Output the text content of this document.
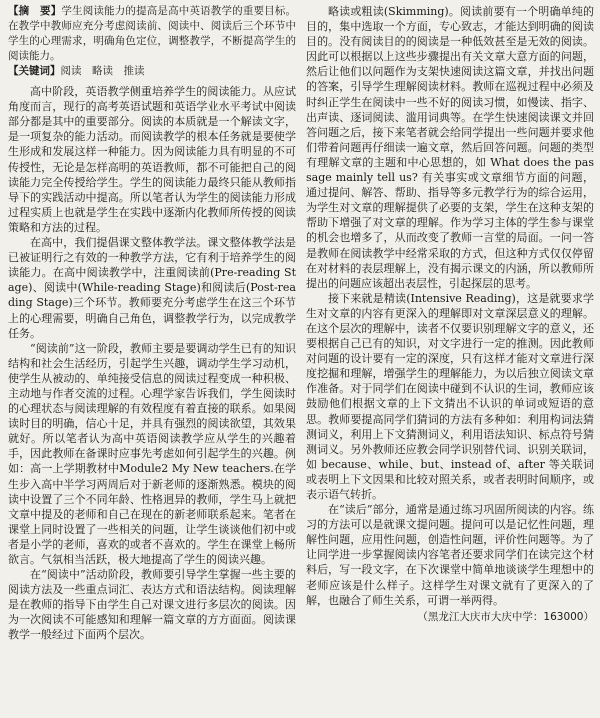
【摘　要】学生阅读能力的提高是高中英语教学的重要目标。在教学中教师应充分考虑阅读前、阅读中、阅读后三个环节中学生的心理需求，明确角色定位，调整教学，不断提高学生的阅读能力。

【关键词】阅读　略读　推读

高中阶段，英语教学侧重培养学生的阅读能力。从应试角度而言，现行的高考英语试题和英语学业水平考试中阅读部分都是其中的重要部分。阅读的本质就是一个解读文字，是一项复杂的能力活动。而阅读教学的根本任务就是要使学生形成和发展这样一种能力。因为阅读能力具有明显的不可传授性，无论是怎样高明的英语教师，都不可能把自己的阅读能力完全传授给学生。学生的阅读能力最终只能从教师指导下的实践活动中提高。所以笔者认为学生的阅读能力形成过程实质上也就是学生在实践中逐渐内化教师所传授的阅读策略和方法的过程。

在高中，我们提倡课文整体教学法。课文整体教学法是已被证明行之有效的一种教学方法，它有利于培养学生的阅读能力。在高中阅读教学中，注重阅读前(Pre-reading Stage)、阅读中(While-reading Stage)和阅读后(Post-reading Stage)三个环节。教师要充分考虑学生在这三个环节上的心理需要，明确自己角色，调整教学行为，以完成教学任务。

“阅读前”这一阶段，教师主要是要调动学生已有的知识结构和社会生活经历，引起学生兴趣，调动学生学习动机，使学生从被动的、单纯接受信息的阅读过程变成一种积极、主动地与作者交流的过程。心理学家告诉我们，学生阅读时的心理状态与阅读理解的有效程度有着直接的联系。如果阅读时目的明确，信心十足，并具有强烈的阅读欲望，其效果就好。所以笔者认为高中英语阅读教学应从学生的兴趣着手，因此教师在备课时应事先考虑如何引起学生的兴趣。例如：高一上学期教材中Module2 My New teachers.在学生步入高中半学习两周后对于新老师的逐渐熟悉。模块的阅读中设置了三个不同年龄、性格迥异的教师，学生马上就把文章中提及的老师和自己在现在的新老师联系起来。笔者在课堂上同时设置了一些相关的问题，让学生谈谈他们初中或者是小学的老师，喜欢的或者不喜欢的。学生在课堂上畅所欲言。气氛相当活跃，极大地提高了学生的阅读兴趣。

在“阅读中”活动阶段，教师要引导学生掌握一些主要的阅读方法及一些重点词汇、表达方式和语法结构。阅读理解是在教师的指导下由学生自己对课文进行多层次的阅读。因为一次阅读不可能感知和理解一篇文章的方方面面。阅读课教学一般经过下面两个层次。

略读或粗读(Skimming)。阅读前要有一个明确单纯的目的，集中选取一个方面，专心致志，才能达到明确的阅读目的。没有阅读目的的阅读是一种低效甚至是无效的阅读。因此可以根据以上这些步骤提出有关文章大意方面的问题，然后让他们以问题作为支架快速阅读这篇文章，并找出问题的答案，引导学生理解阅读材料。教师在巡视过程中必须及时纠正学生在阅读中一些不好的阅读习惯，如慢读、指字、出声读、逐词阅读、滥用词典等。在学生快速阅读课文并回答问题之后，接下来笔者就会给同学提出一些问题并要求他们带着问题再仔细读一遍文章，然后回答问题。问题的类型有理解文章的主题和中心思想的，如 What does the passage mainly tell us? 有关事实或文章细节方面的问题，通过提问、解答、帮助、指导等多元教学行为的综合运用，为学生对文章的理解提供了必要的支架，学生在这种支架的帮助下增强了对文章的理解。作为学习主体的学生参与课堂的机会也增多了，从而改变了教师一言堂的局面。一问一答是教师在阅读教学中经常采取的方式，但这种方式仅仅停留在对材料的表层理解上，没有揭示课文的内涵，所以教师所提出的问题应该超出表层性，引起探层的思考。

接下来就是精读(Intensive Reading)，这是就要求学生对文章的内容有更深入的理解即对文章深层意义的理解。在这个层次的理解中，读者不仅要识别理解文字的意义，还要根据自己已有的知识，对文字进行一定的推测。因此教师对问题的设计要有一定的深度，只有这样才能对文章进行深度挖掘和理解，增强学生的理解能力，为以后独立阅读文章作准备。对于同学们在阅读中碰到不认识的生词，教师应该鼓励他们根据文章的上下文猜出不认识的单词或短语的意思。教师要提高同学们猜词的方法有多种如：利用构词法猜测词义，利用上下文猜测词义，利用语法知识、标点符号猜测词义。另外教师还应教会同学识别替代词、识别关联词，如 because、while、but、instead of、after 等关联词或表明上下文因果和比较对照关系，或者表明时间顺序，或表示语气转折。

在“读后”部分，通常是通过练习巩固所阅读的内容。练习的方法可以是就课文提问题。提问可以是记忆性问题，理解性问题，应用性问题，创造性问题，评价性问题等。为了让同学进一步掌握阅读内容笔者还要求同学们在读完这个材料后，写一段文字，在下次课堂中简单地谈谈学生理想中的老师应该是什么样子。这样学生对课文就有了更深入的了解，也融合了师生关系，可谓一举两得。

（黑龙江大庆市大庆中学：163000）
